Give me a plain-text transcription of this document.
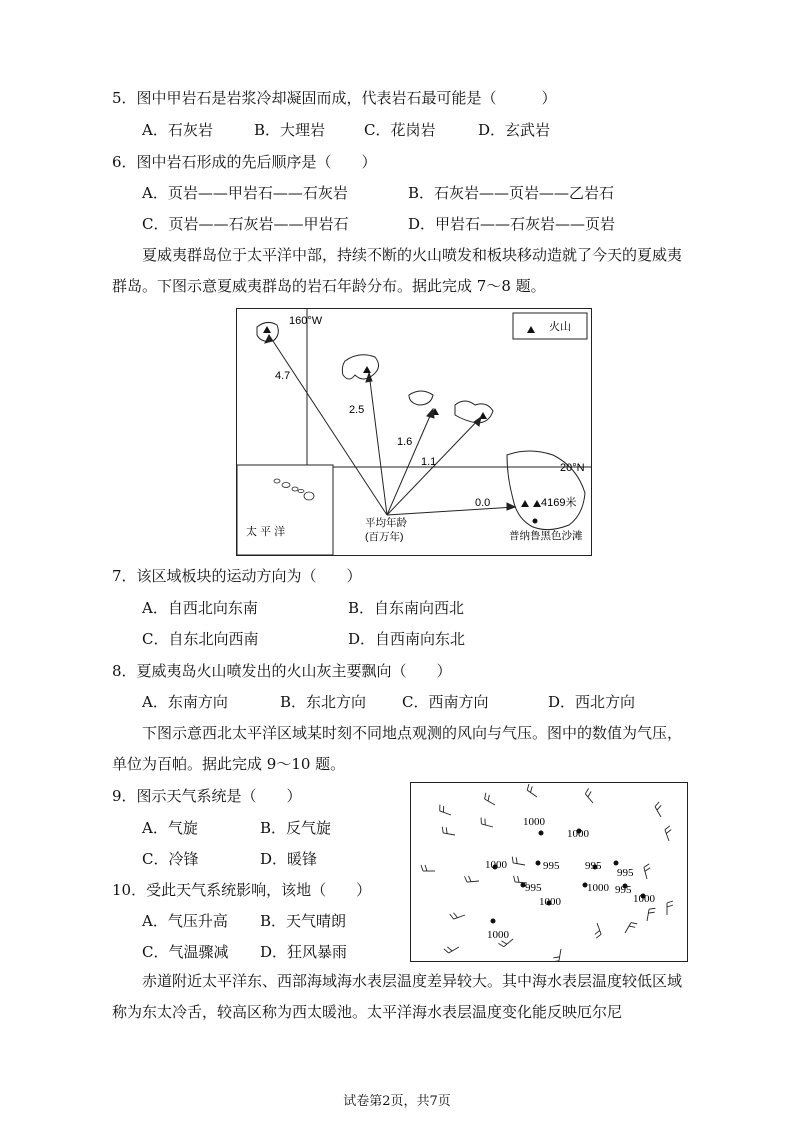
5．图中甲岩石是岩浆冷却凝固而成，代表岩石最可能是（　　　）
A．石灰岩	B．大理岩	C．花岗岩	D．玄武岩
6．图中岩石形成的先后顺序是（　　）
A．页岩——甲岩石——石灰岩	B．石灰岩——页岩——乙岩石
C．页岩——石灰岩——甲岩石	D．甲岩石——石灰岩——页岩
夏威夷群岛位于太平洋中部，持续不断的火山喷发和板块移动造就了今天的夏威夷群岛。下图示意夏威夷群岛的岩石年龄分布。据此完成 7～8 题。
160°W
20°N
火山
太 平 洋
4169米
普纳鲁黑色沙滩
4.7
2.5
1.6
1.1
0.0
平均年龄
(百万年)
7．该区域板块的运动方向为（　　）
A．自西北向东南	B．自东南向西北
C．自东北向西南	D．自西南向东北
8．夏威夷岛火山喷发出的火山灰主要飘向（　　）
A．东南方向	B．东北方向 C．西南方向	D．西北方向
下图示意西北太平洋区域某时刻不同地点观测的风向与气压。图中的数值为气压，单位为百帕。据此完成 9～10 题。
9．图示天气系统是（　　）
A．气旋	B．反气旋
C．冷锋	D．暖锋
10．受此天气系统影响，该地（　　）
A．气压升高 B．天气晴朗
C．气温骤减 D．狂风暴雨
1000
1000
1000	995 995
995
995	1000
1000
995
1000
1000
赤道附近太平洋东、西部海域海水表层温度差异较大。其中海水表层温度较低区域称为东太冷舌，较高区称为西太暖池。太平洋海水表层温度变化能反映厄尔尼
试卷第2页，共7页
